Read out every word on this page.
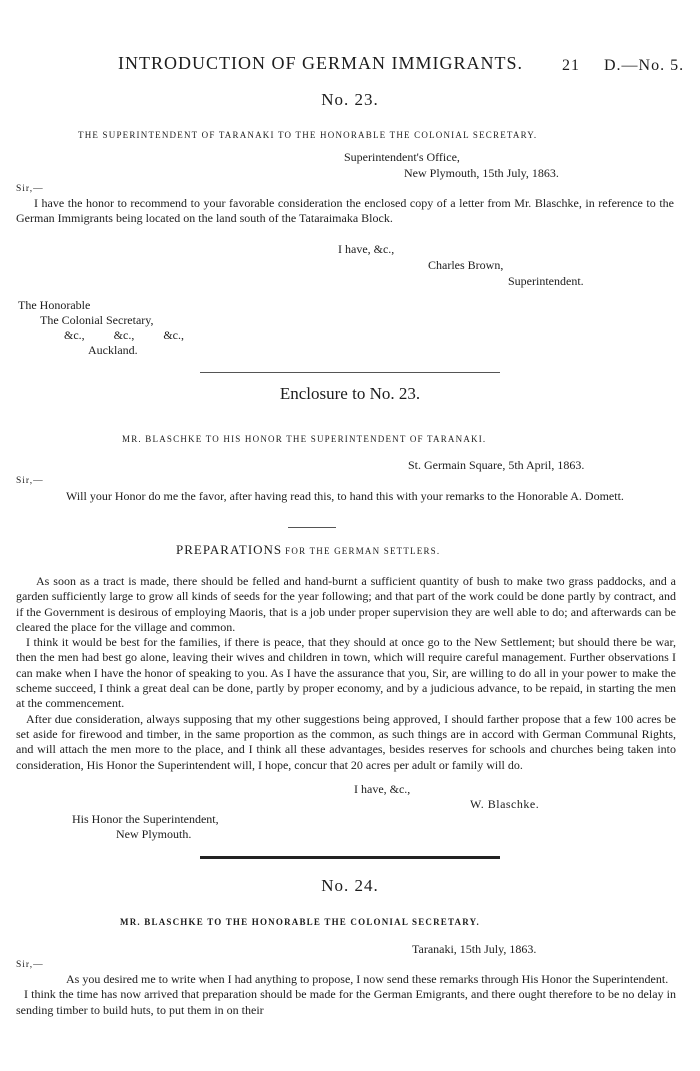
INTRODUCTION OF GERMAN IMMIGRANTS. 21 D.—No. 5.
No. 23.
THE SUPERINTENDENT OF TARANAKI TO THE HONORABLE THE COLONIAL SECRETARY.
Superintendent's Office,
New Plymouth, 15th July, 1863.
Sir,—

I have the honor to recommend to your favorable consideration the enclosed copy of a letter from Mr. Blaschke, in reference to the German Immigrants being located on the land south of the Tataraimaka Block.

I have, &c.,
Charles Brown,
Superintendent.
The Honorable
The Colonial Secretary,
&c., &c., &c.,
Auckland.
Enclosure to No. 23.
MR. BLASCHKE TO HIS HONOR THE SUPERINTENDENT OF TARANAKI.
St. Germain Square, 5th April, 1863.
Sir,—

Will your Honor do me the favor, after having read this, to hand this with your remarks to the Honorable A. Domett.

PREPARATIONS FOR THE GERMAN SETTLERS.

As soon as a tract is made, there should be felled and hand-burnt a sufficient quantity of bush to make two grass paddocks, and a garden sufficiently large to grow all kinds of seeds for the year following; and that part of the work could be done partly by contract, and if the Government is desirous of employing Maoris, that is a job under proper supervision they are well able to do; and afterwards can be cleared the place for the village and common.

I think it would be best for the families, if there is peace, that they should at once go to the New Settlement; but should there be war, then the men had best go alone, leaving their wives and children in town, which will require careful management. Further observations I can make when I have the honor of speaking to you. As I have the assurance that you, Sir, are willing to do all in your power to make the scheme succeed, I think a great deal can be done, partly by proper economy, and by a judicious advance, to be repaid, in starting the men at the commencement.

After due consideration, always supposing that my other suggestions being approved, I should farther propose that a few 100 acres be set aside for firewood and timber, in the same proportion as the common, as such things are in accord with German Communal Rights, and will attach the men more to the place, and I think all these advantages, besides reserves for schools and churches being taken into consideration, His Honor the Superintendent will, I hope, concur that 20 acres per adult or family will do.

I have, &c.,
W. Blaschke.
His Honor the Superintendent,
New Plymouth.
No. 24.
MR. BLASCHKE TO THE HONORABLE THE COLONIAL SECRETARY.
Taranaki, 15th July, 1863.
Sir,—

As you desired me to write when I had anything to propose, I now send these remarks through His Honor the Superintendent.

I think the time has now arrived that preparation should be made for the German Emigrants, and there ought therefore to be no delay in sending timber to build huts, to put them in on their
